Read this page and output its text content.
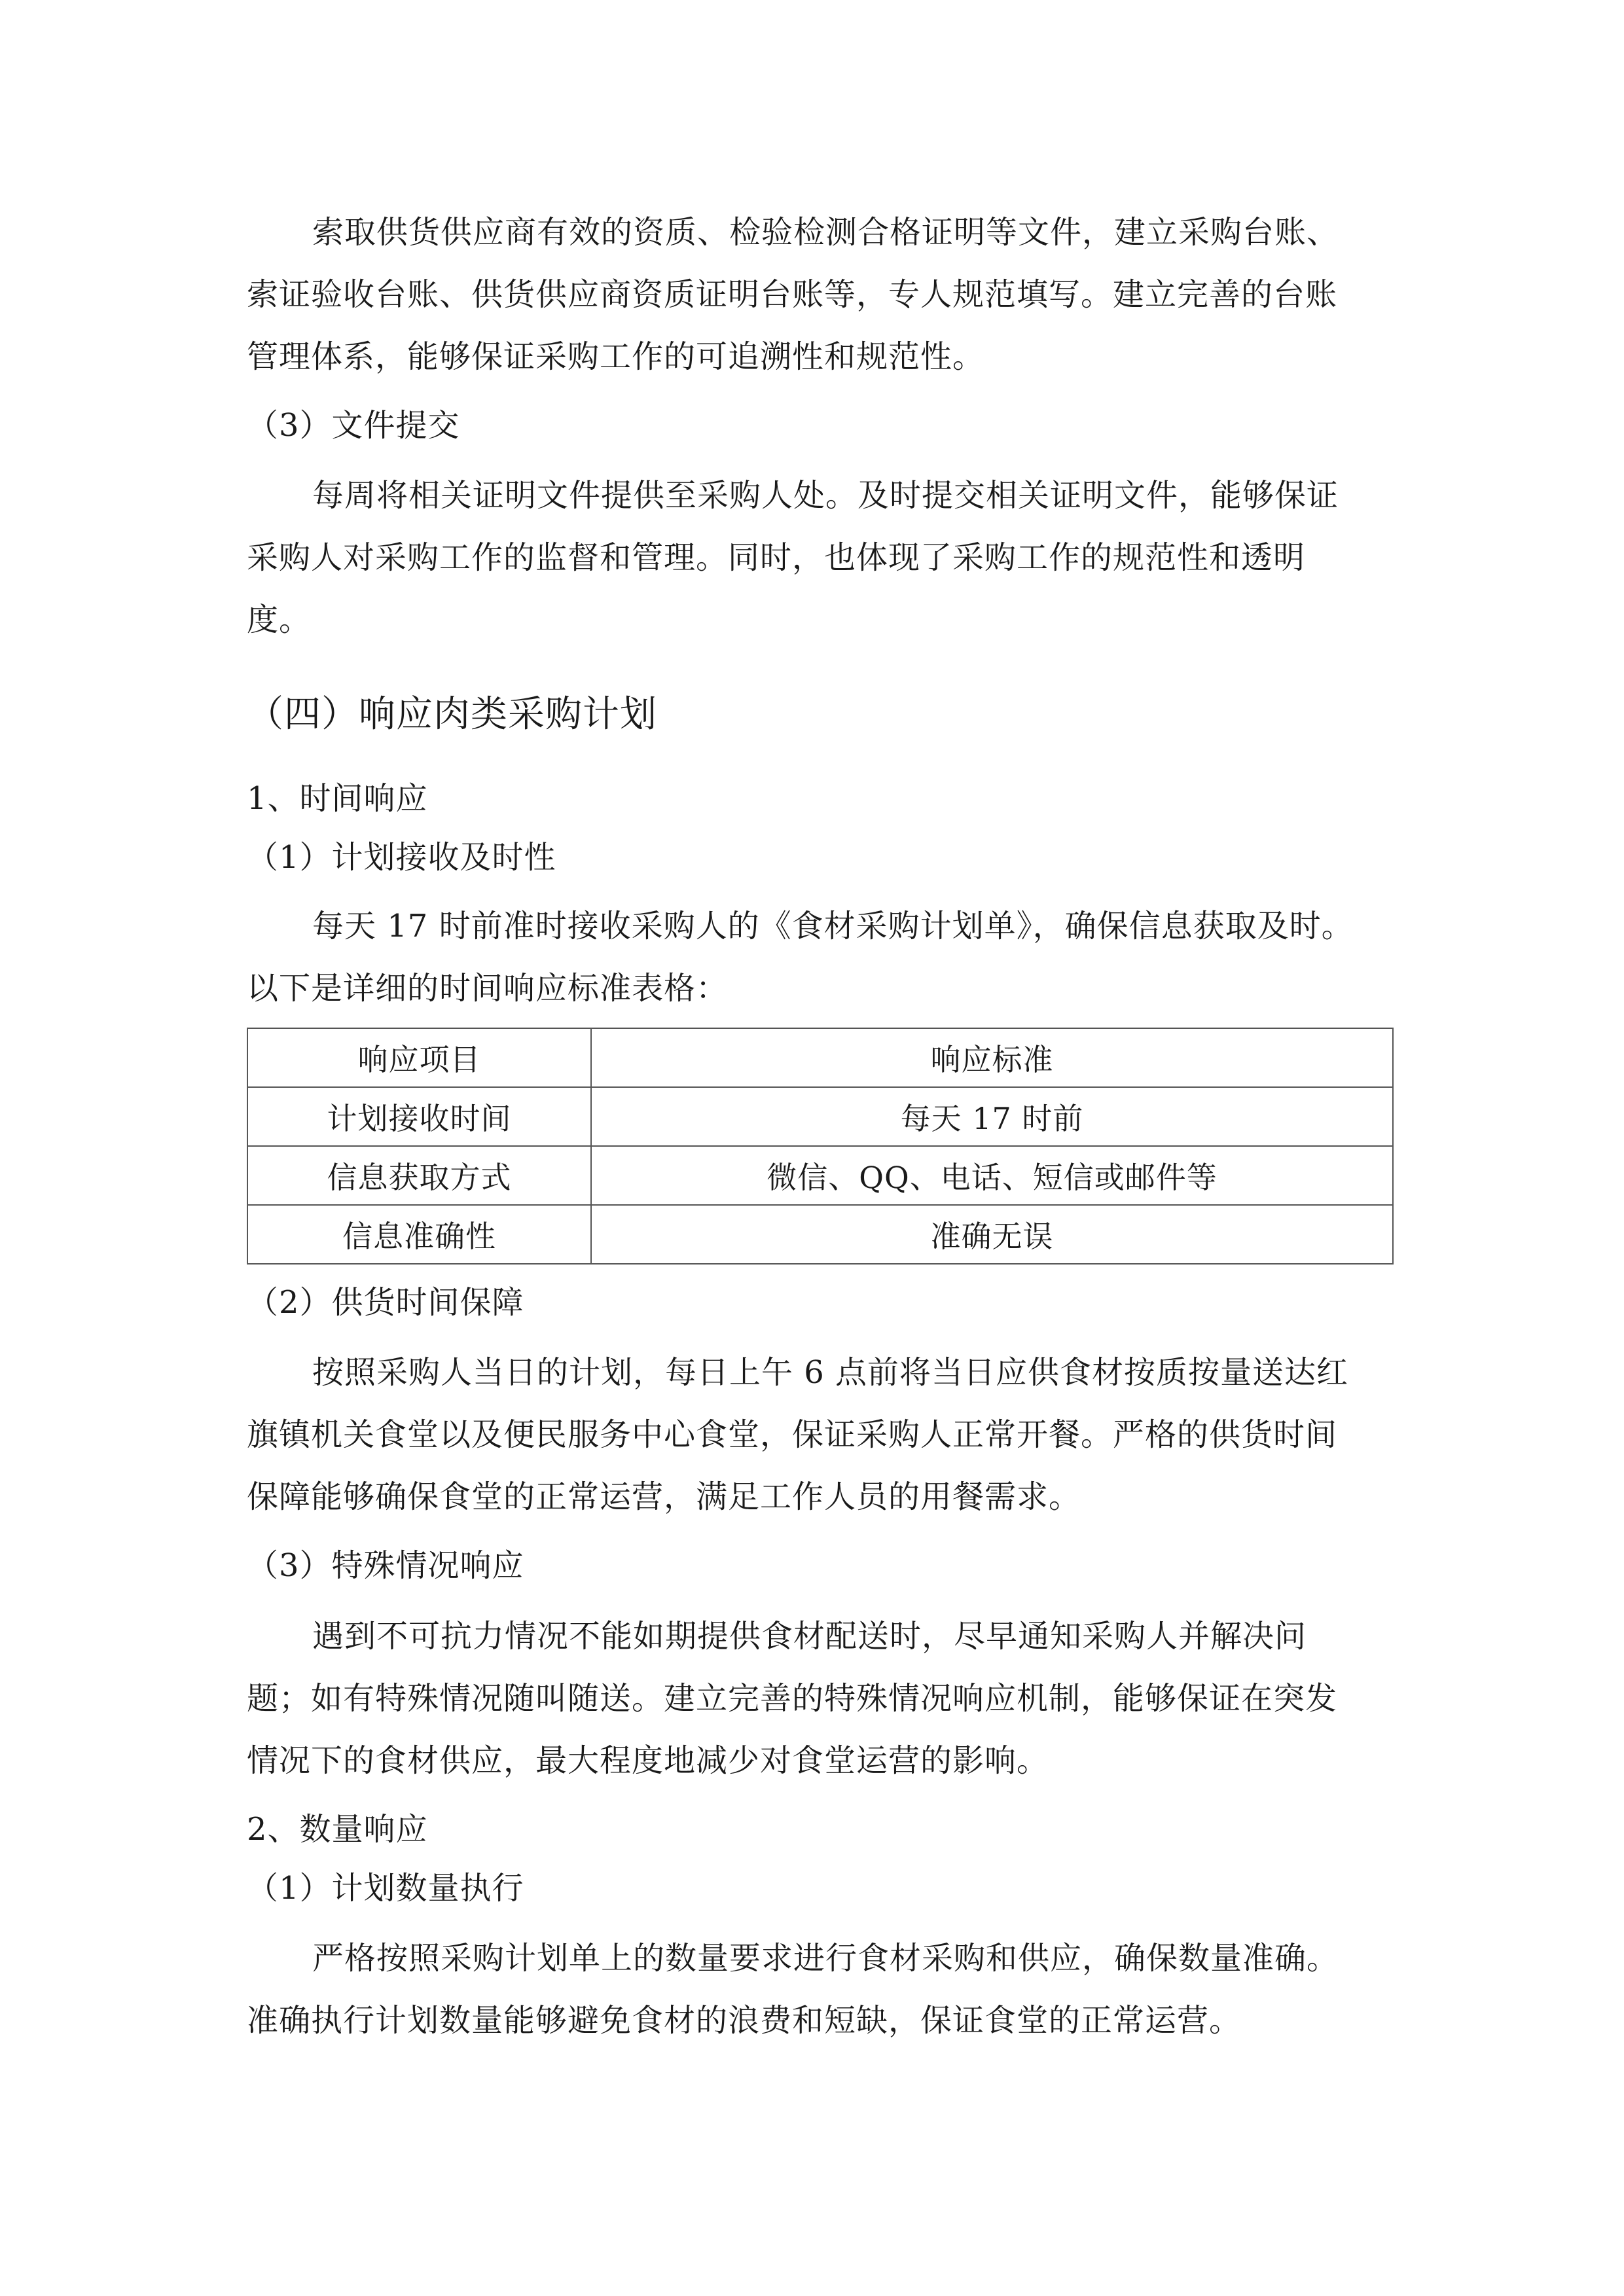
索取供货供应商有效的资质、检验检测合格证明等文件，建立采购台账、
索证验收台账、供货供应商资质证明台账等，专人规范填写。建立完善的台账
管理体系，能够保证采购工作的可追溯性和规范性。
（3）文件提交
每周将相关证明文件提供至采购人处。及时提交相关证明文件，能够保证
采购人对采购工作的监督和管理。同时，也体现了采购工作的规范性和透明
度。
（四）响应肉类采购计划
1、时间响应
（1）计划接收及时性
每天 17 时前准时接收采购人的《食材采购计划单》，确保信息获取及时。
以下是详细的时间响应标准表格：
响应项目	响应标准
计划接收时间	每天 17 时前
信息获取方式	微信、QQ、电话、短信或邮件等
信息准确性	准确无误
（2）供货时间保障
按照采购人当日的计划，每日上午 6 点前将当日应供食材按质按量送达红
旗镇机关食堂以及便民服务中心食堂，保证采购人正常开餐。严格的供货时间
保障能够确保食堂的正常运营，满足工作人员的用餐需求。
（3）特殊情况响应
遇到不可抗力情况不能如期提供食材配送时，尽早通知采购人并解决问
题；如有特殊情况随叫随送。建立完善的特殊情况响应机制，能够保证在突发
情况下的食材供应，最大程度地减少对食堂运营的影响。
2、数量响应
（1）计划数量执行
严格按照采购计划单上的数量要求进行食材采购和供应，确保数量准确。
准确执行计划数量能够避免食材的浪费和短缺，保证食堂的正常运营。
